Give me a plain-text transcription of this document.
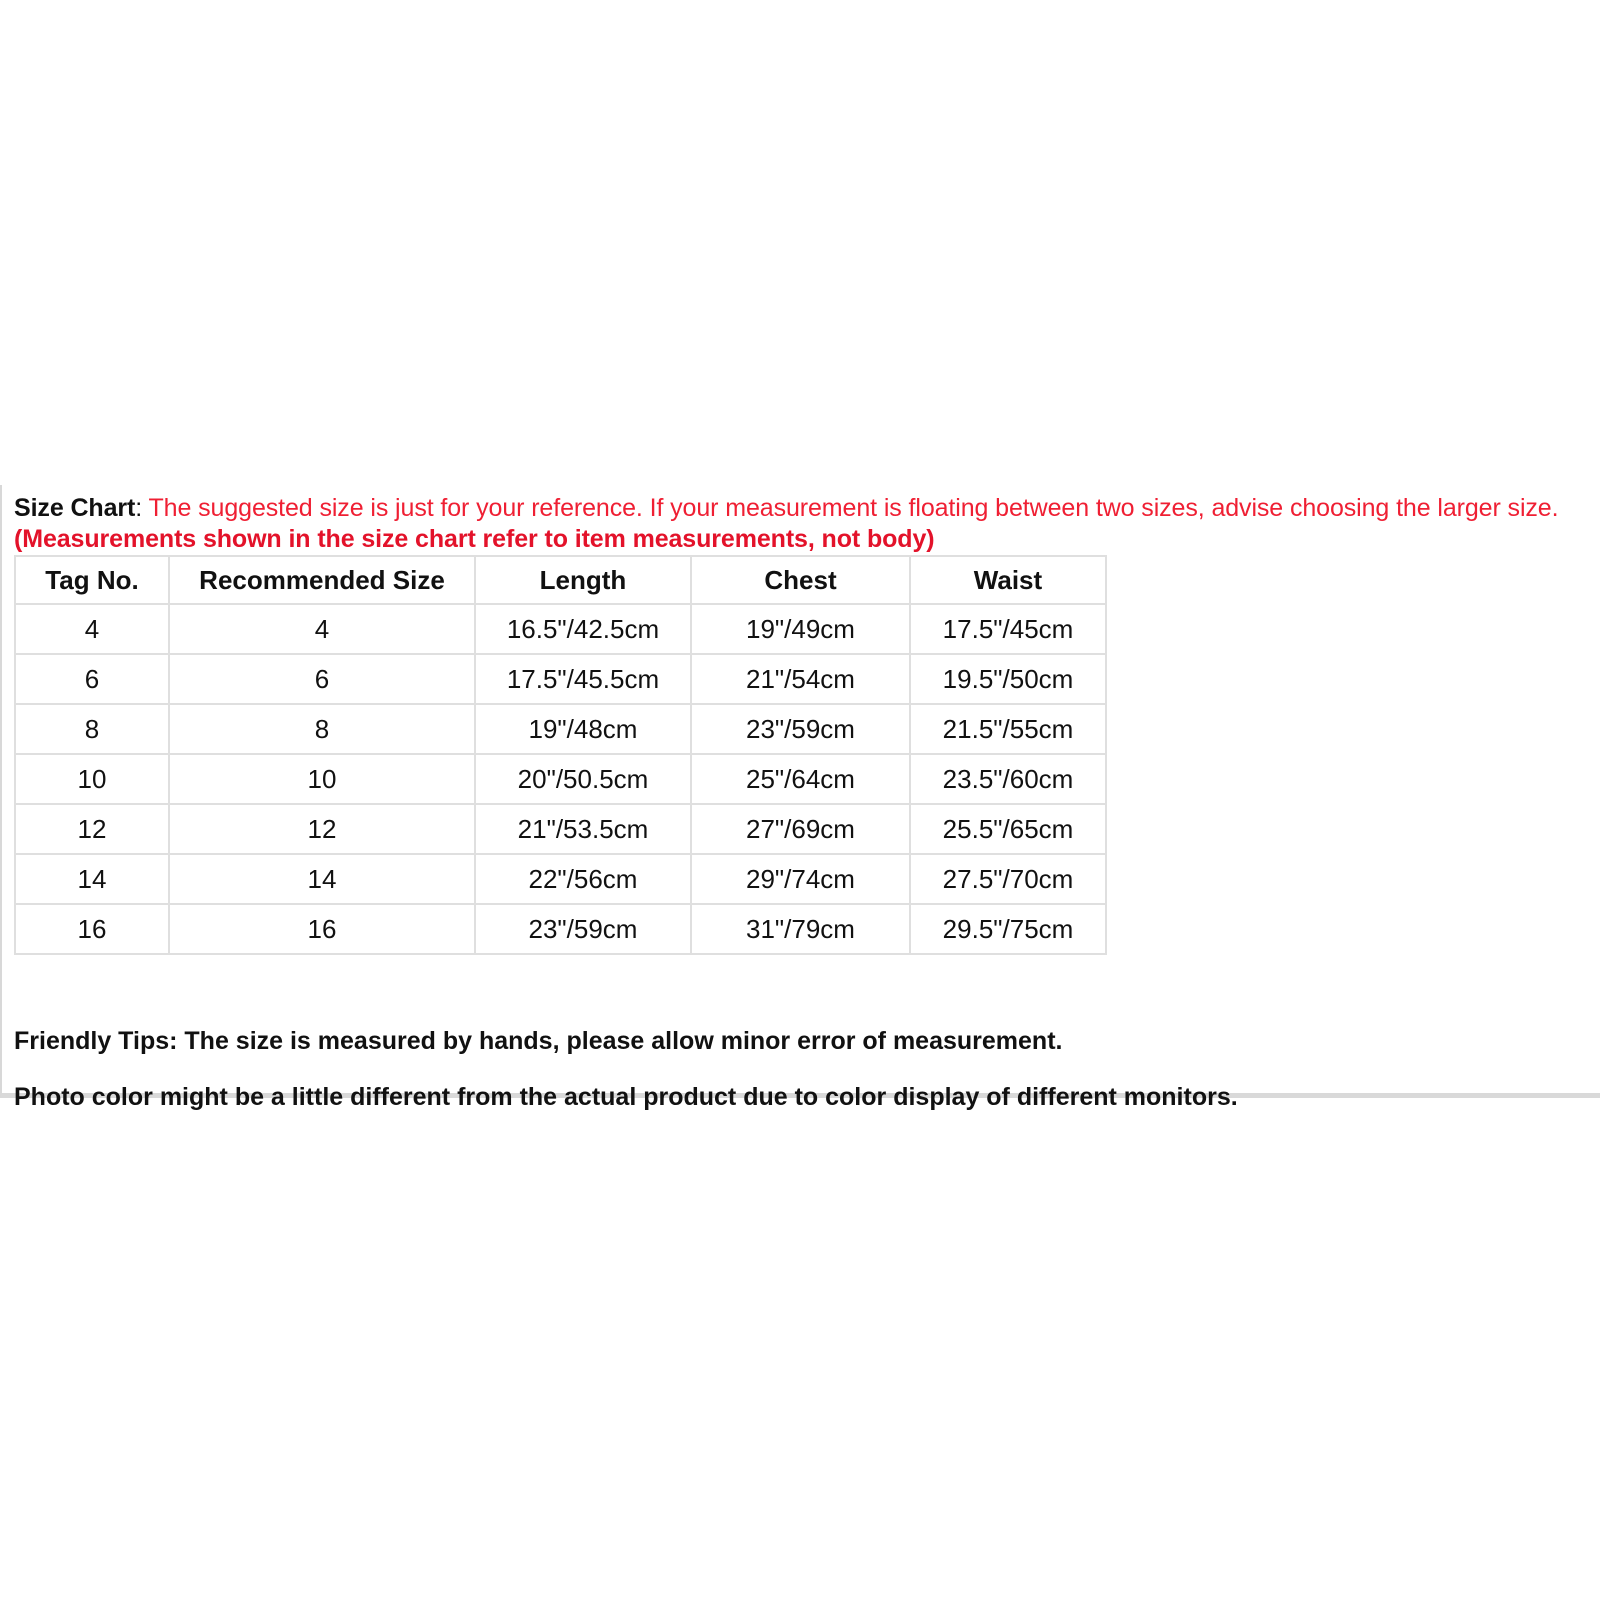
Size Chart: The suggested size is just for your reference. If your measurement is floating between two sizes, advise choosing the larger size. (Measurements shown in the size chart refer to item measurements, not body)
Tag No.	Recommended Size	Length	Chest	Waist
4	4	16.5"/42.5cm	19"/49cm	17.5"/45cm
6	6	17.5"/45.5cm	21"/54cm	19.5"/50cm
8	8	19"/48cm	23"/59cm	21.5"/55cm
10	10	20"/50.5cm	25"/64cm	23.5"/60cm
12	12	21"/53.5cm	27"/69cm	25.5"/65cm
14	14	22"/56cm	29"/74cm	27.5"/70cm
16	16	23"/59cm	31"/79cm	29.5"/75cm

Friendly Tips: The size is measured by hands, please allow minor error of measurement.

Photo color might be a little different from the actual product due to color display of different monitors.
